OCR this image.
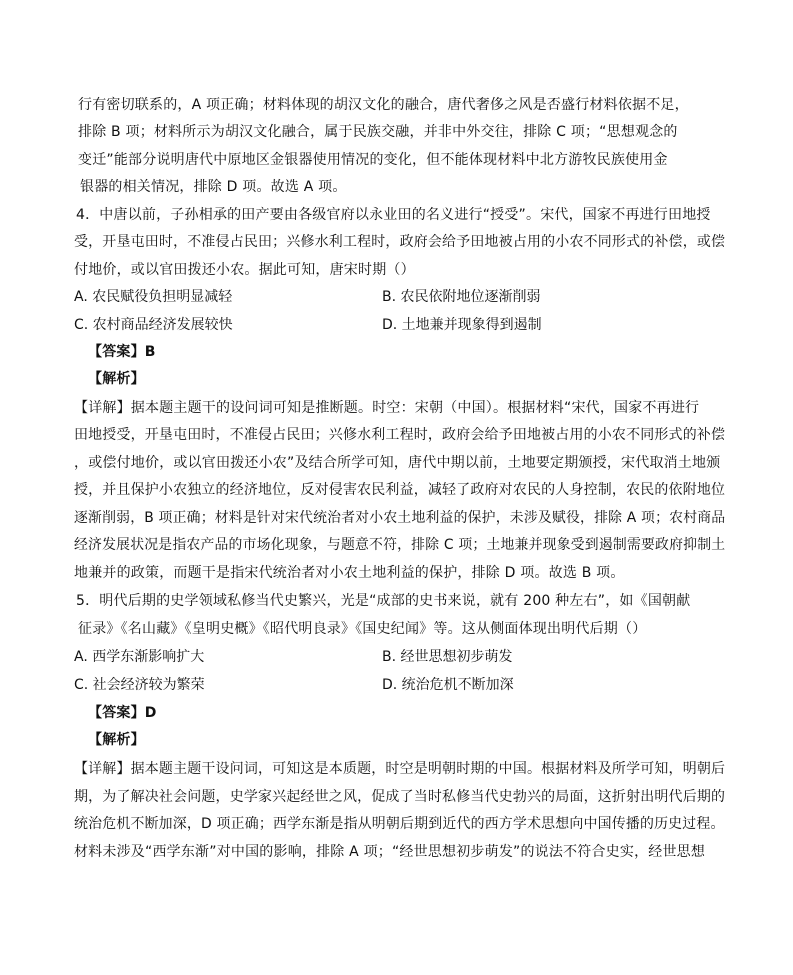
行有密切联系的，A 项正确；材料体现的胡汉文化的融合，唐代奢侈之风是否盛行材料依据不足，
排除 B 项；材料所示为胡汉文化融合，属于民族交融，并非中外交往，排除 C 项；“思想观念的
变迁”能部分说明唐代中原地区金银器使用情况的变化，但不能体现材料中北方游牧民族使用金
银器的相关情况，排除 D 项。故选 A 项。
4．中唐以前，子孙相承的田产要由各级官府以永业田的名义进行“授受”。宋代，国家不再进行田地授
受，开垦屯田时，不准侵占民田；兴修水利工程时，政府会给予田地被占用的小农不同形式的补偿，或偿
付地价，或以官田拨还小农。据此可知，唐宋时期（）
A. 农民赋役负担明显减轻	B. 农民依附地位逐渐削弱
C. 农村商品经济发展较快	D. 土地兼并现象得到遏制
【答案】B
【解析】
【详解】据本题主题干的设问词可知是推断题。时空：宋朝（中国）。根据材料“宋代，国家不再进行
田地授受，开垦屯田时，不准侵占民田；兴修水利工程时，政府会给予田地被占用的小农不同形式的补偿
，或偿付地价，或以官田拨还小农”及结合所学可知，唐代中期以前，土地要定期颁授，宋代取消土地颁
授，并且保护小农独立的经济地位，反对侵害农民利益，减轻了政府对农民的人身控制，农民的依附地位
逐渐削弱，B 项正确；材料是针对宋代统治者对小农土地利益的保护，未涉及赋役，排除 A 项；农村商品
经济发展状况是指农产品的市场化现象，与题意不符，排除 C 项；土地兼并现象受到遏制需要政府抑制土
地兼并的政策，而题干是指宋代统治者对小农土地利益的保护，排除 D 项。故选 B 项。
5．明代后期的史学领域私修当代史繁兴，光是“成部的史书来说，就有 200 种左右”，如《国朝献
征录》《名山藏》《皇明史概》《昭代明良录》《国史纪闻》等。这从侧面体现出明代后期（）
A. 西学东渐影响扩大	B. 经世思想初步萌发
C. 社会经济较为繁荣	D. 统治危机不断加深
【答案】D
【解析】
【详解】据本题主题干设问词，可知这是本质题，时空是明朝时期的中国。根据材料及所学可知，明朝后
期，为了解决社会问题，史学家兴起经世之风，促成了当时私修当代史勃兴的局面，这折射出明代后期的
统治危机不断加深，D 项正确；西学东渐是指从明朝后期到近代的西方学术思想向中国传播的历史过程。
材料未涉及“西学东渐”对中国的影响，排除 A 项；“经世思想初步萌发”的说法不符合史实，经世思想
